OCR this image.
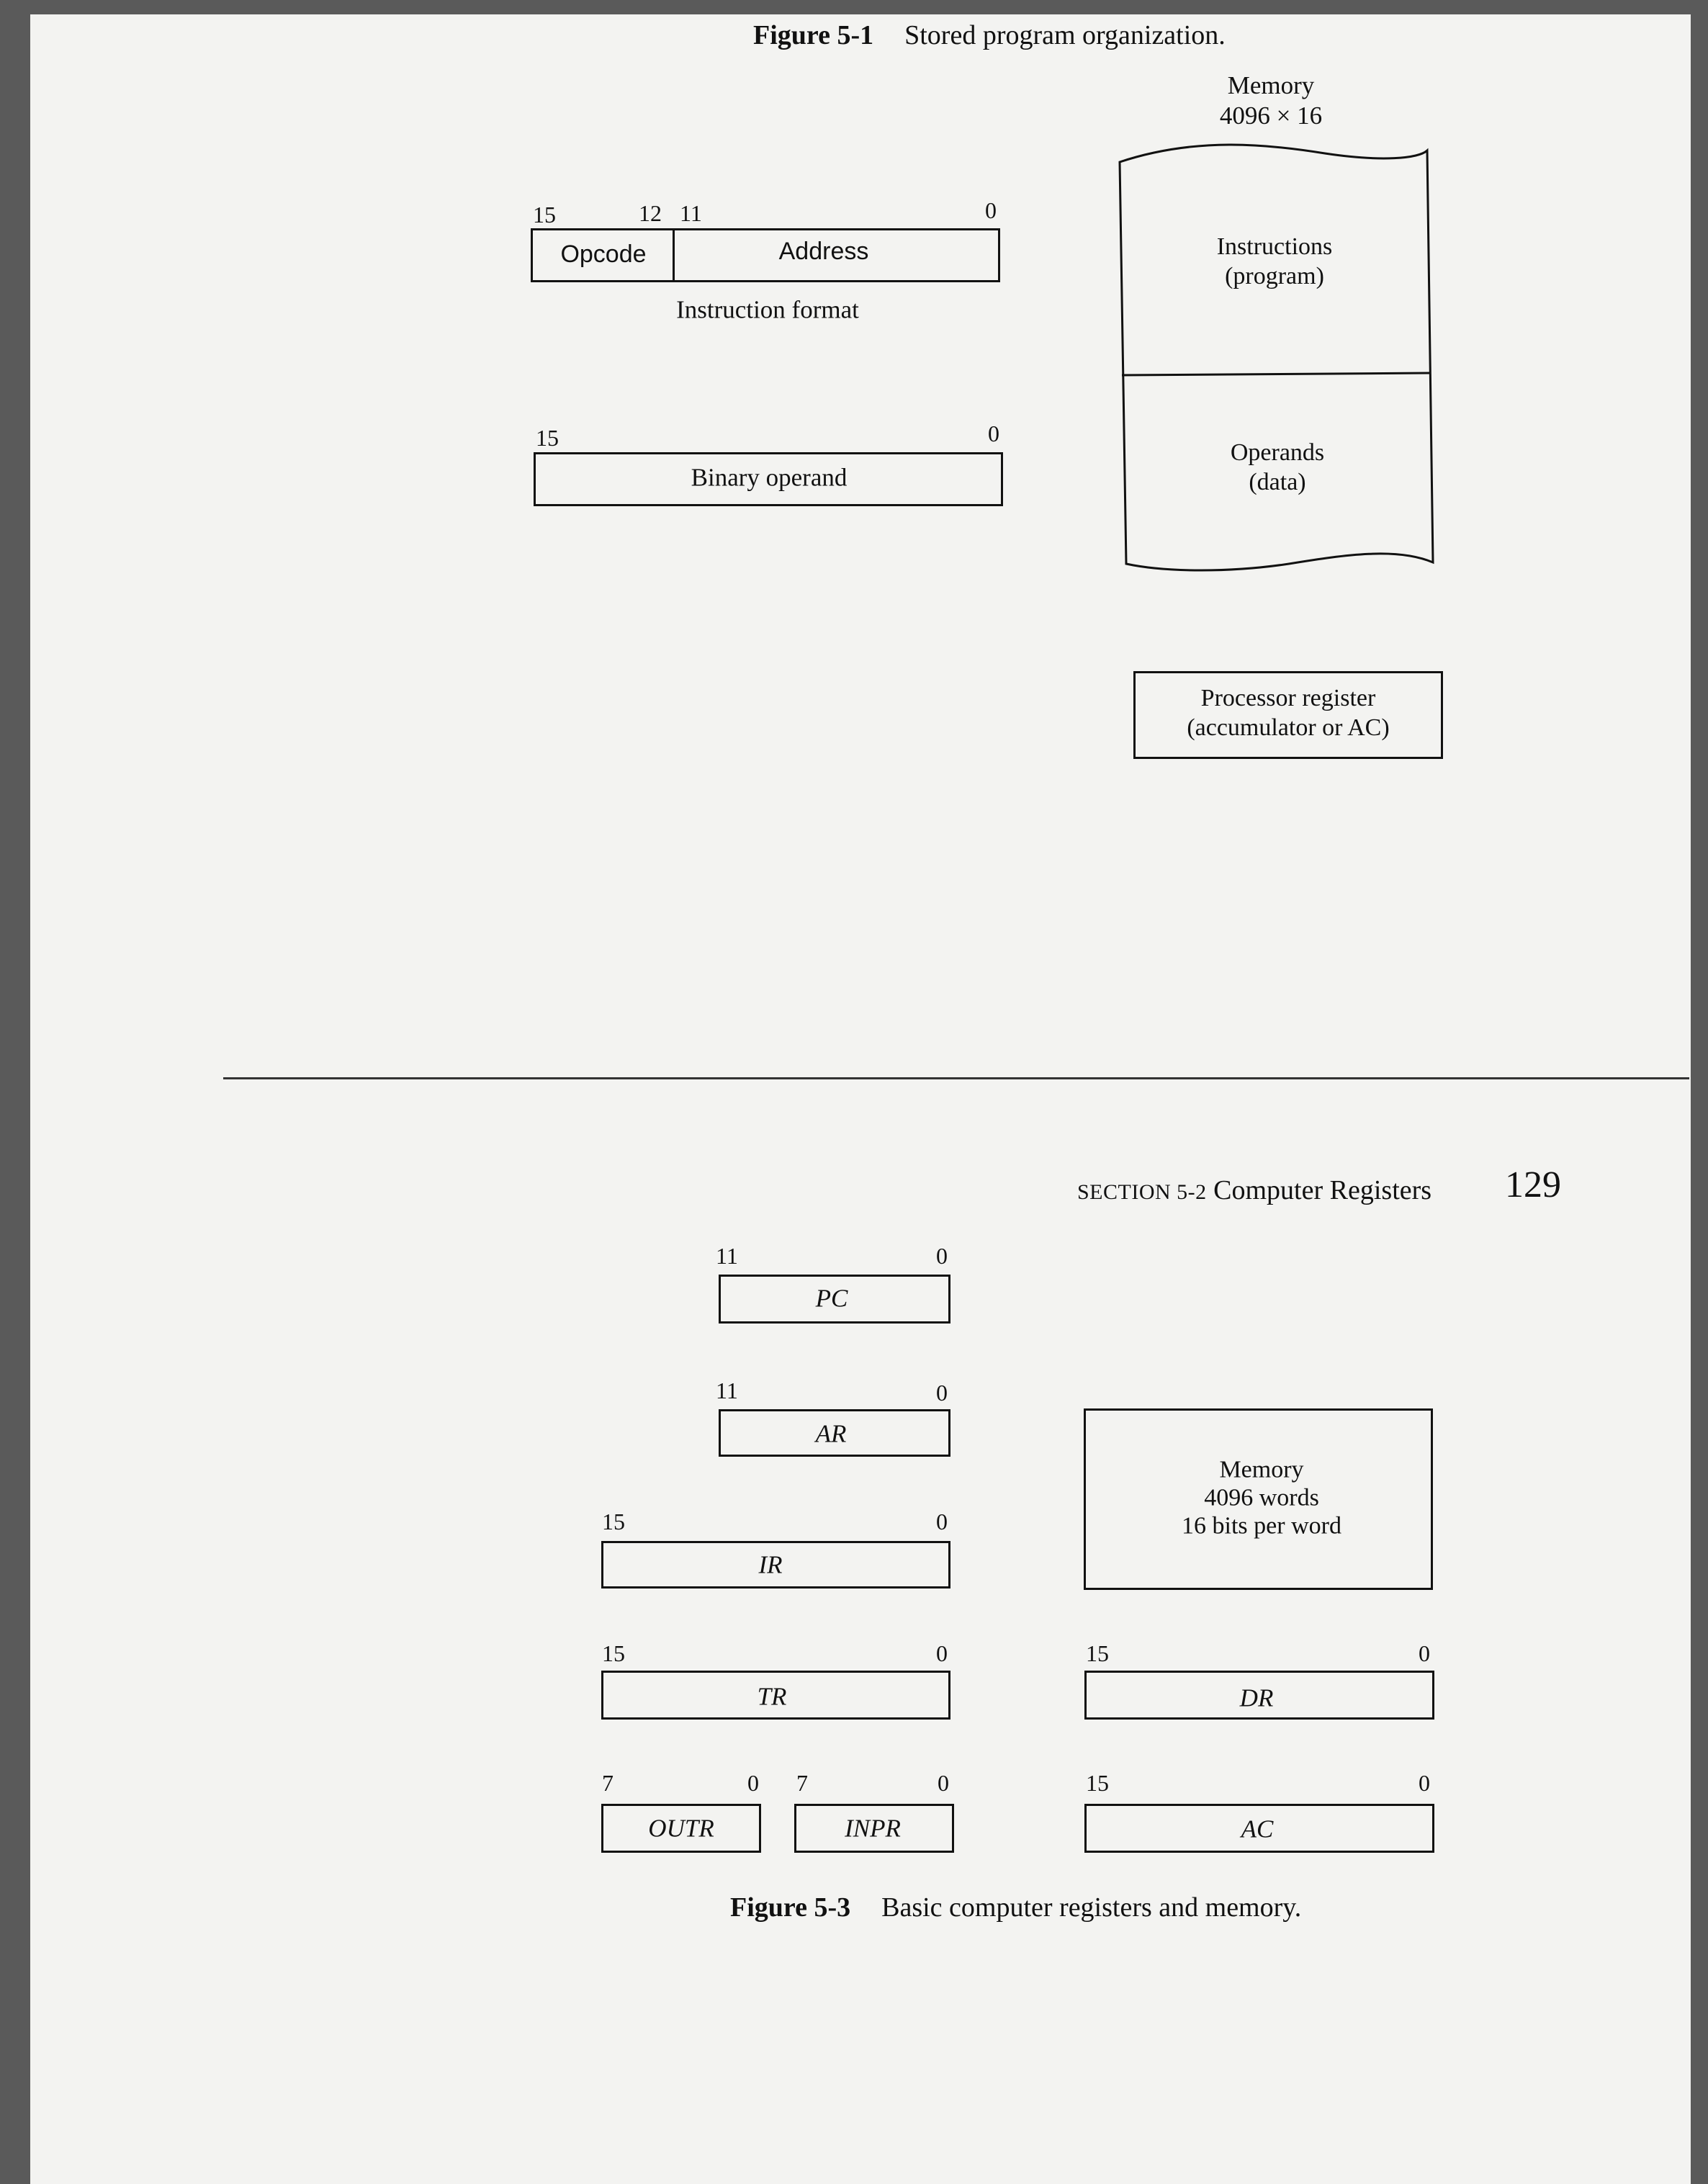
Figure 5-1 Stored program organization.
Memory
4096 × 16
15	12 11	0
Opcode	Address
Instruction format
15	0
Binary operand
Instructions
(program)
Operands
(data)
Processor register
(accumulator or AC)
SECTION 5-2 Computer Registers 129
11	0
PC
11	0
AR
15	0
IR
Memory
4096 words
16 bits per word
15	0
TR
15	0
DR
7	0
OUTR
7	0
INPR
15	0
AC
Figure 5-3 Basic computer registers and memory.
